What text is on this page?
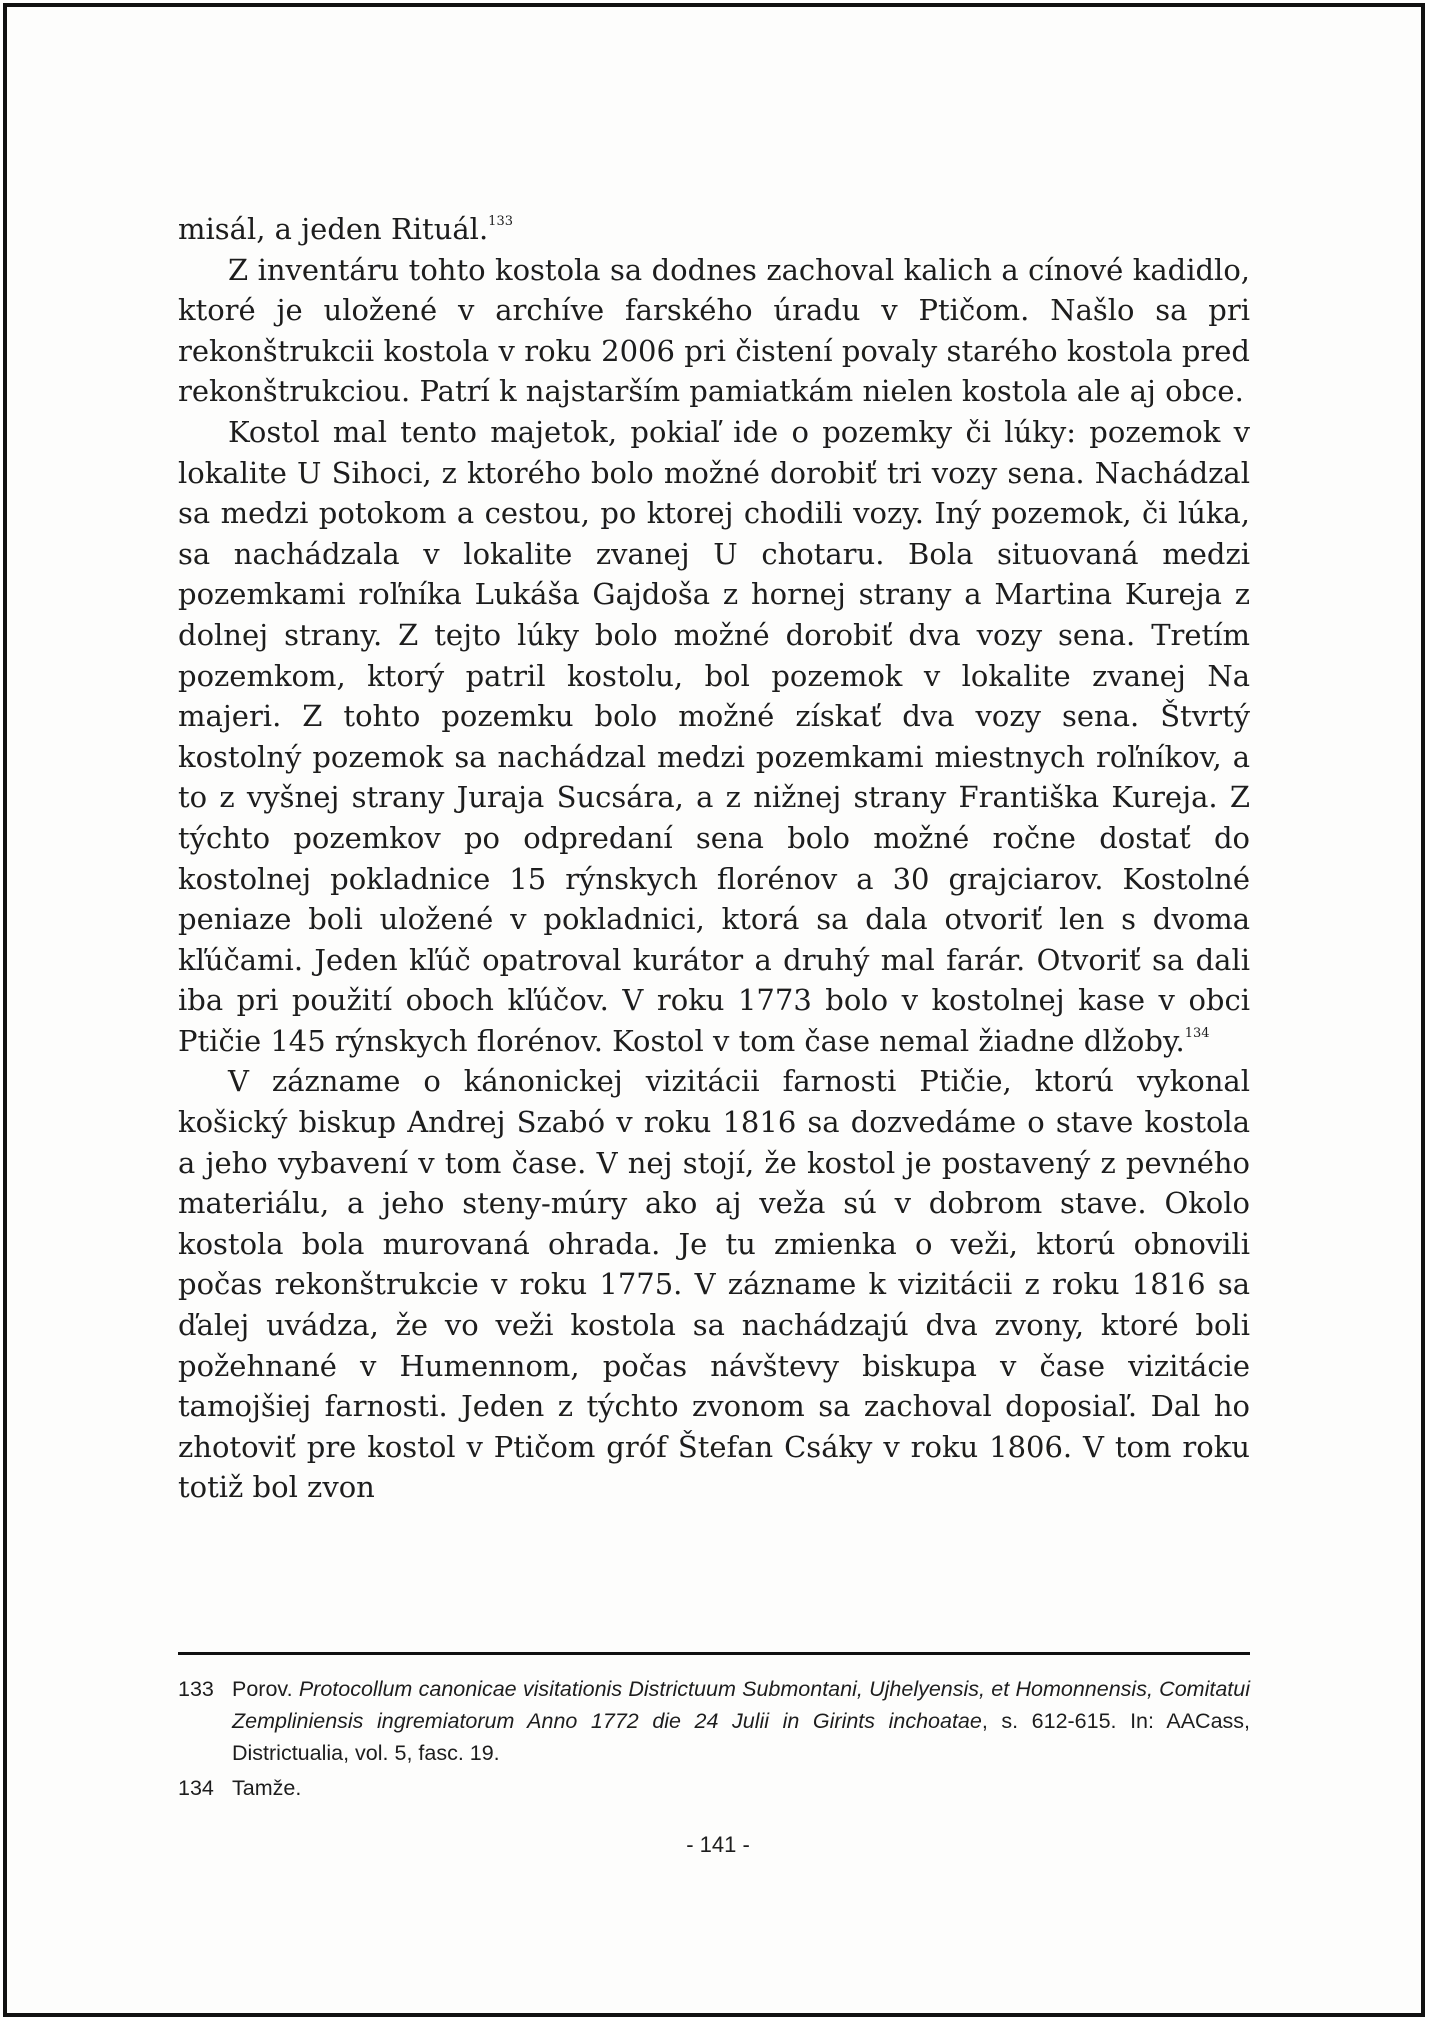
misál, a jeden Rituál.$^{133}$

Z inventáru tohto kostola sa dodnes zachoval kalich a cínové kadidlo, ktoré je uložené v archíve farského úradu v Ptičom. Našlo sa pri rekonštrukcii kostola v roku 2006 pri čistení povaly starého kostola pred rekonštrukciou. Patrí k najstarším pamiatkám nielen kostola ale aj obce.

Kostol mal tento majetok, pokiaľ ide o pozemky či lúky: pozemok v lokalite U Sihoci, z ktorého bolo možné dorobiť tri vozy sena. Nachádzal sa medzi potokom a cestou, po ktorej chodili vozy. Iný pozemok, či lúka, sa nachádzala v lokalite zvanej U chotaru. Bola situovaná medzi pozemkami roľníka Lukáša Gajdoša z hornej strany a Martina Kureja z dolnej strany. Z tejto lúky bolo možné dorobiť dva vozy sena. Tretím pozemkom, ktorý patril kostolu, bol pozemok v lokalite zvanej Na majeri. Z tohto pozemku bolo možné získať dva vozy sena. Štvrtý kostolný pozemok sa nachádzal medzi pozemkami miestnych roľníkov, a to z vyšnej strany Juraja Sucsára, a z nižnej strany Františka Kureja. Z týchto pozemkov po odpredaní sena bolo možné ročne dostať do kostolnej pokladnice 15 rýnskych florénov a 30 grajciarov. Kostolné peniaze boli uložené v pokladnici, ktorá sa dala otvoriť len s dvoma kľúčami. Jeden kľúč opatroval kurátor a druhý mal farár. Otvoriť sa dali iba pri použití oboch kľúčov. V roku 1773 bolo v kostolnej kase v obci Ptičie 145 rýnskych florénov. Kostol v tom čase nemal žiadne dlžoby.$^{134}$

V zázname o kánonickej vizitácii farnosti Ptičie, ktorú vykonal košický biskup Andrej Szabó v roku 1816 sa dozvedáme o stave kostola a jeho vybavení v tom čase. V nej stojí, že kostol je postavený z pevného materiálu, a jeho steny-múry ako aj veža sú v dobrom stave. Okolo kostola bola murovaná ohrada. Je tu zmienka o veži, ktorú obnovili počas rekonštrukcie v roku 1775. V zázname k vizitácii z roku 1816 sa ďalej uvádza, že vo veži kostola sa nachádzajú dva zvony, ktoré boli požehnané v Humennom, počas návštevy biskupa v čase vizitácie tamojšiej farnosti. Jeden z týchto zvonom sa zachoval doposiaľ. Dal ho zhotoviť pre kostol v Ptičom gróf Štefan Csáky v roku 1806. V tom roku totiž bol zvon

133 Porov. Protocollum canonicae visitationis Districtuum Submontani, Ujhelyensis, et Homonnensis, Comitatui Zempliniensis ingremiatorum Anno 1772 die 24 Julii in Girints inchoatae, s. 612-615. In: AACass, Districtualia, vol. 5, fasc. 19.
134 Tamže.
- 141 -
